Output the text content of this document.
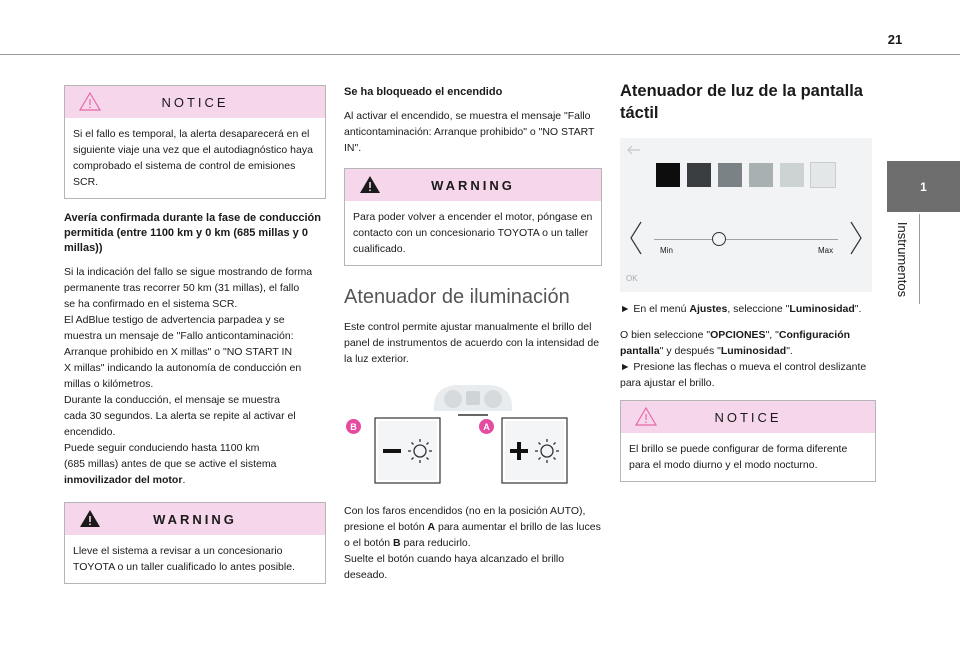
21
1
Instrumentos
NOTICE
Si el fallo es temporal, la alerta desaparecerá en el siguiente viaje una vez que el autodiagnóstico haya comprobado el sistema de control de emisiones SCR.
Avería confirmada durante la fase de conducción permitida (entre 1100 km y 0 km (685 millas y 0 millas))
Si la indicación del fallo se sigue mostrando de forma
permanente tras recorrer 50 km (31 millas), el fallo
se ha confirmado en el sistema SCR.
El AdBlue testigo de advertencia parpadea y se
muestra un mensaje de "Fallo anticontaminación:
Arranque prohibido en X millas" o "NO START IN
X millas" indicando la autonomía de conducción en
millas o kilómetros.
Durante la conducción, el mensaje se muestra
cada 30 segundos. La alerta se repite al activar el
encendido.
Puede seguir conduciendo hasta 1100 km
(685 millas) antes de que se active el sistema
inmovilizador del motor.
WARNING
Lleve el sistema a revisar a un concesionario TOYOTA o un taller cualificado lo antes posible.
Se ha bloqueado el encendido
Al activar el encendido, se muestra el mensaje "Fallo anticontaminación: Arranque prohibido" o "NO START IN".
WARNING
Para poder volver a encender el motor, póngase en contacto con un concesionario TOYOTA o un taller cualificado.
Atenuador de iluminación
Este control permite ajustar manualmente el brillo del panel de instrumentos de acuerdo con la intensidad de la luz exterior.
B	A
Con los faros encendidos (no en la posición AUTO), presione el botón A para aumentar el brillo de las luces o el botón B para reducirlo.
Suelte el botón cuando haya alcanzado el brillo deseado.
Atenuador de luz de la pantalla táctil
Min	Max
OK
► En el menú Ajustes, seleccione "Luminosidad".
O bien seleccione "OPCIONES", "Configuración pantalla" y después "Luminosidad".
► Presione las flechas o mueva el control deslizante para ajustar el brillo.
NOTICE
El brillo se puede configurar de forma diferente para el modo diurno y el modo nocturno.
